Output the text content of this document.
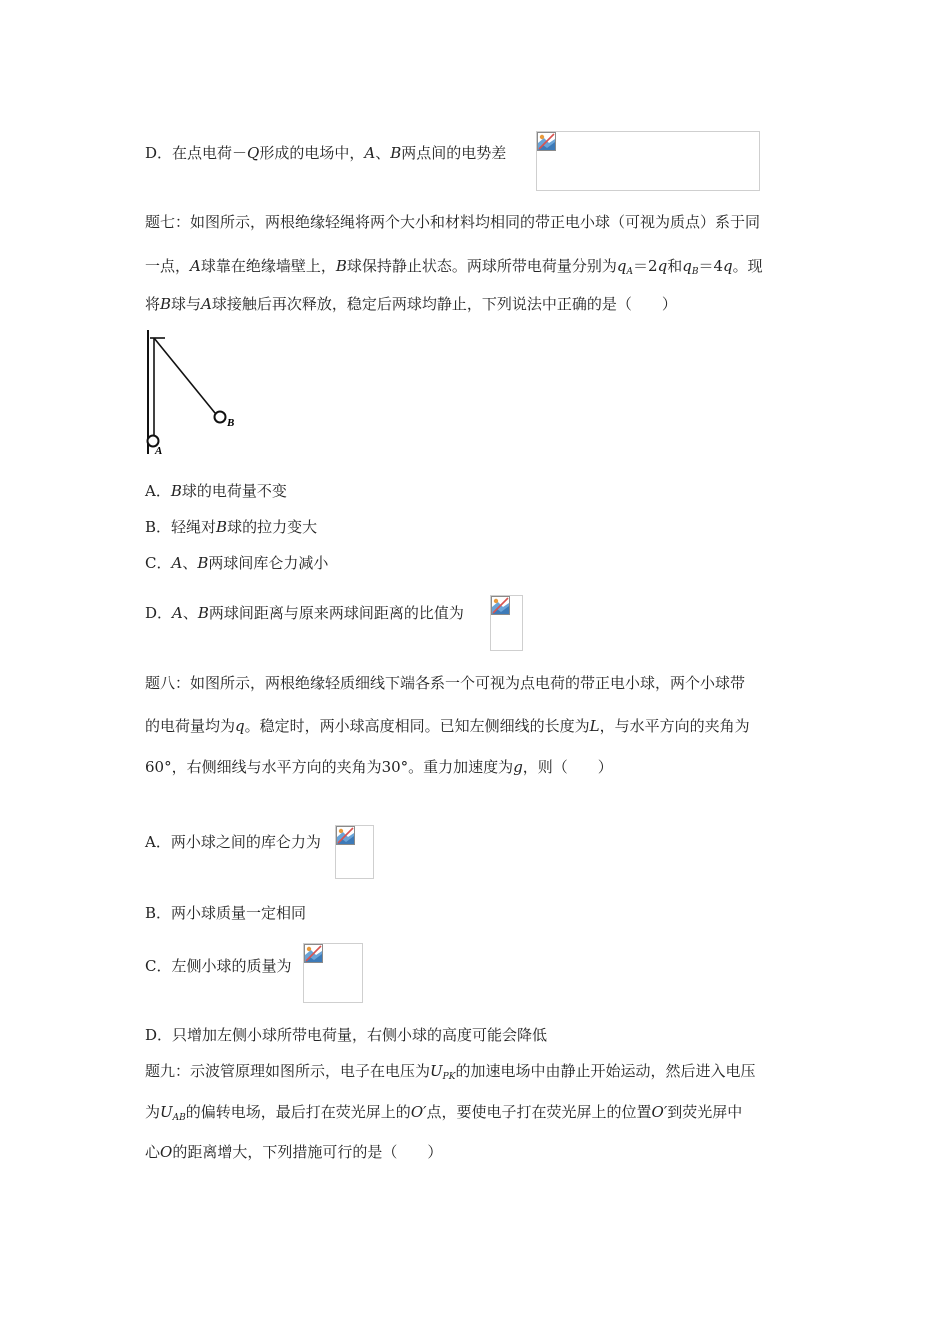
D．在点电荷－Q形成的电场中，A、B两点间的电势差
题七：如图所示，两根绝缘轻绳将两个大小和材料均相同的带正电小球（可视为质点）系于同
一点，A球靠在绝缘墙壁上，B球保持静止状态。两球所带电荷量分别为$q_A=2q$和$q_B=4q$。现
将B球与A球接触后再次释放，稳定后两球均静止，下列说法中正确的是（　　）
A
B
A．B球的电荷量不变
B．轻绳对B球的拉力变大
C．A、B两球间库仑力减小
D．A、B两球间距离与原来两球间距离的比值为
题八：如图所示，两根绝缘轻质细线下端各系一个可视为点电荷的带正电小球，两个小球带
的电荷量均为q。稳定时，两小球高度相同。已知左侧细线的长度为L，与水平方向的夹角为
60°，右侧细线与水平方向的夹角为30°。重力加速度为g，则（　　）
A．两小球之间的库仑力为
B．两小球质量一定相同
C．左侧小球的质量为
D．只增加左侧小球所带电荷量，右侧小球的高度可能会降低
题九：示波管原理如图所示，电子在电压为$U_{PK}$的加速电场中由静止开始运动，然后进入电压
为$U_{AB}$的偏转电场，最后打在荧光屏上的O′点，要使电子打在荧光屏上的位置O′到荧光屏中
心O的距离增大，下列措施可行的是（　　）
